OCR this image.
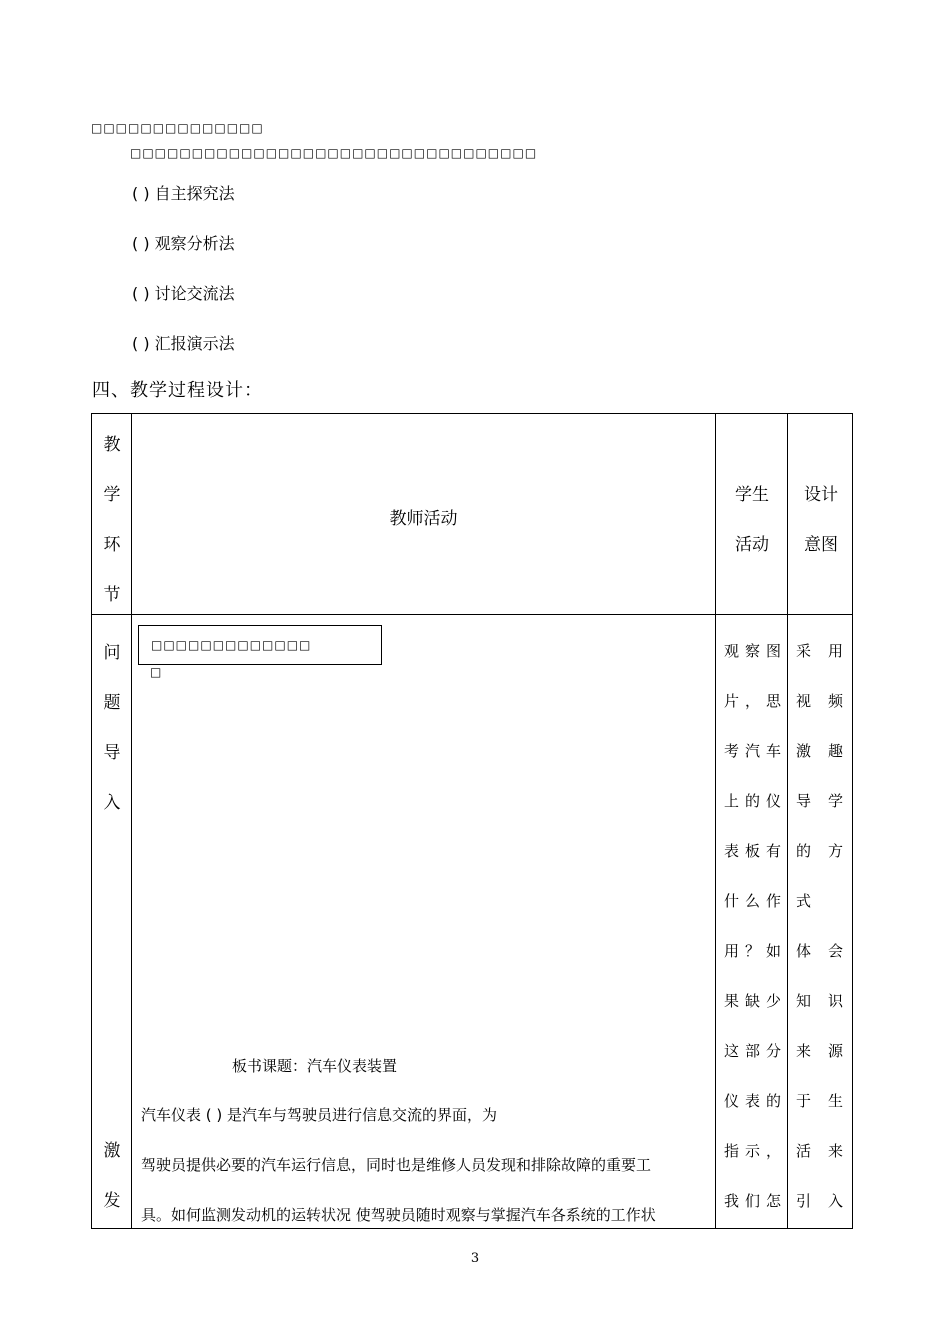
□□□□□□□□□□□□□□
□□□□□□□□□□□□□□□□□□□□□□□□□□□□□□□□□
( ) 自主探究法
( ) 观察分析法
( ) 讨论交流法
( ) 汇报演示法
四、教学过程设计：
教
学
环
节
教师活动
学生
活动
设计
意图
问
题
导
入
激
发
□□□□□□□□□□□□□
□
板书课题：汽车仪表装置
汽车仪表 ( ) 是汽车与驾驶员进行信息交流的界面，为
驾驶员提供必要的汽车运行信息，同时也是维修人员发现和排除故障的重要工
具。如何监测发动机的运转状况 使驾驶员随时观察与掌握汽车各系统的工作状
观察图
片，思
考汽车
上的仪
表板有
什么作
用？如
果缺少
这部分
仪表的
指示，
我们怎
采 用
视 频
激 趣
导 学
的 方
式
体 会
知 识
来 源
于 生
活 来
引 入
3
